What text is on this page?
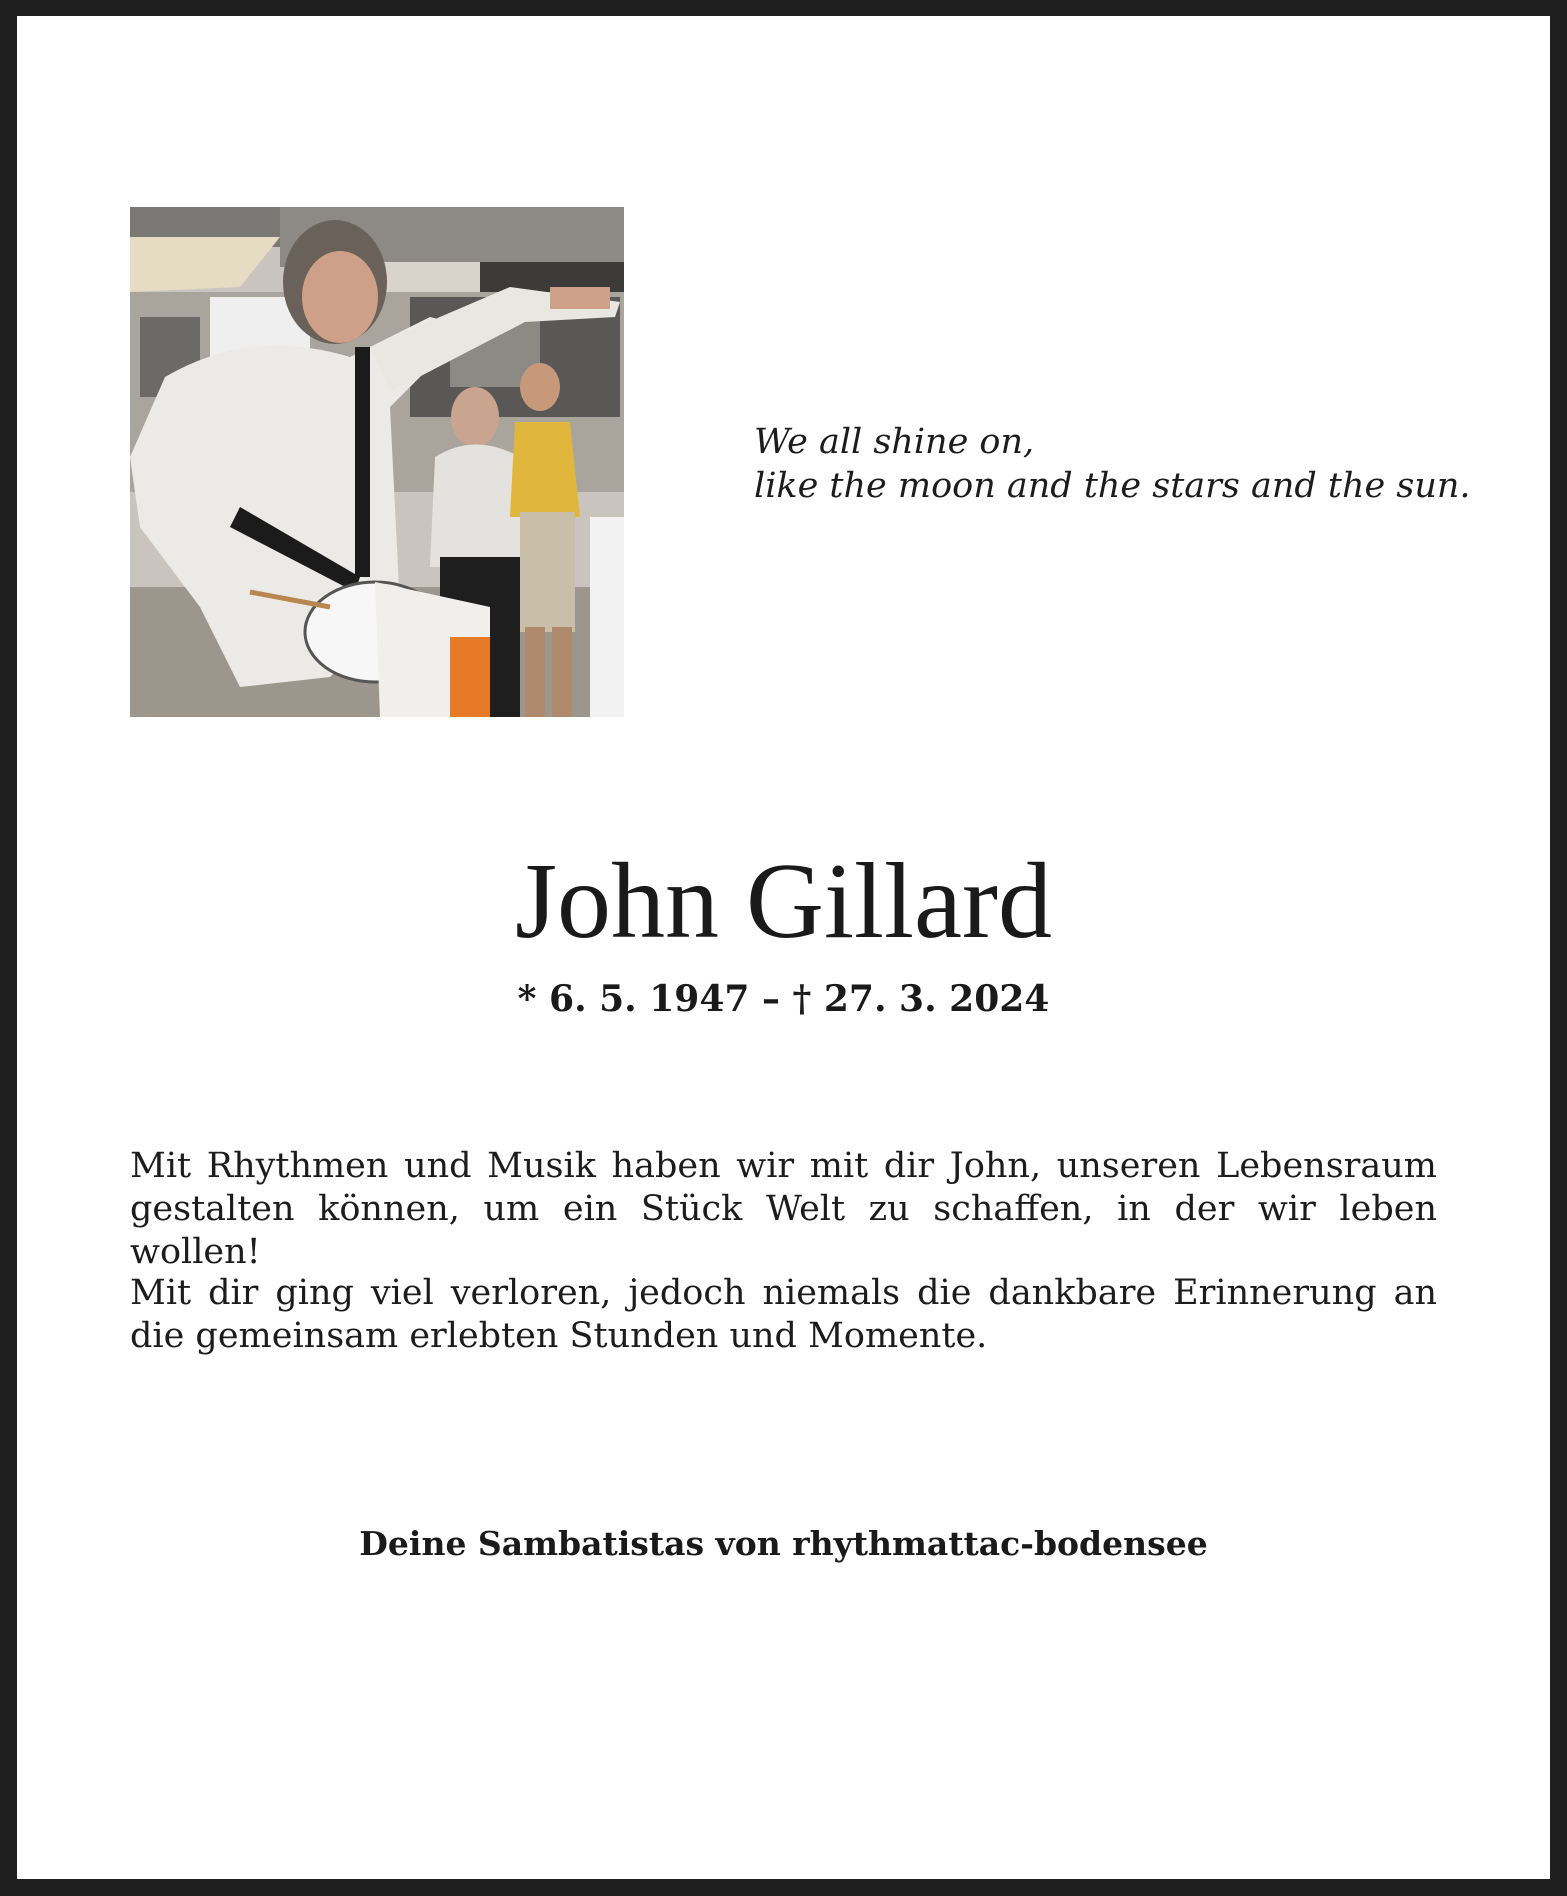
We all shine on,
like the moon and the stars and the sun.
John Gillard
* 6. 5. 1947 – † 27. 3. 2024

Mit Rhythmen und Musik haben wir mit dir John, unseren Lebensraum gestalten können, um ein Stück Welt zu schaffen, in der wir leben wollen!

Mit dir ging viel verloren, jedoch niemals die dankbare Erinnerung an die gemeinsam erlebten Stunden und Momente.

Deine Sambatistas von rhythmattac-bodensee
